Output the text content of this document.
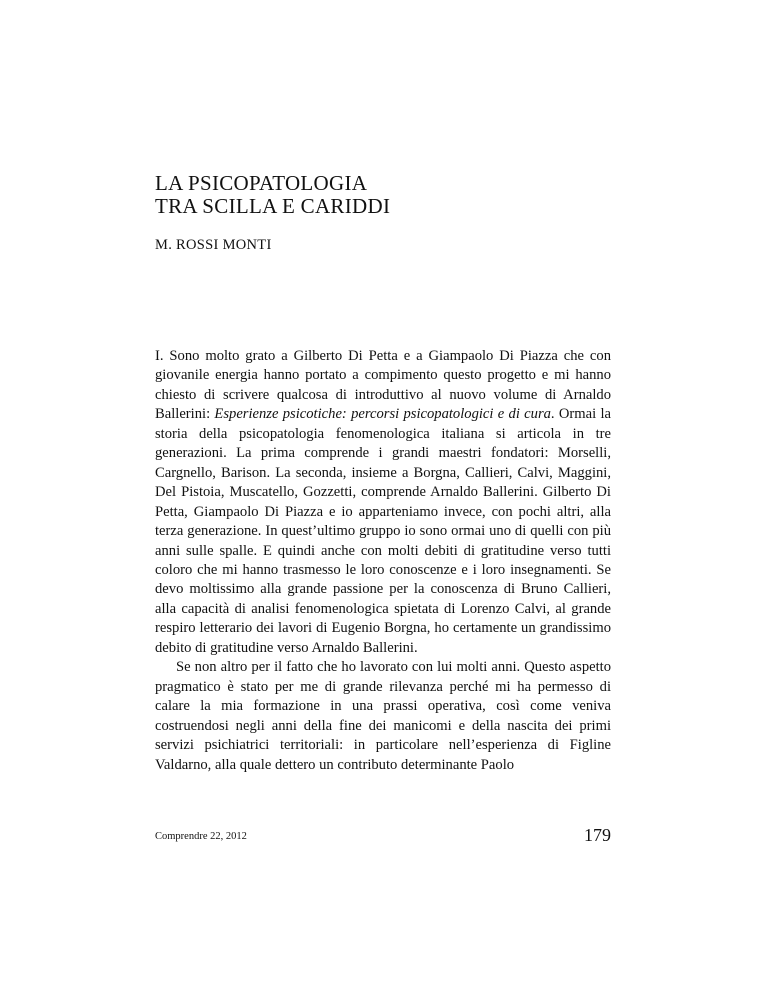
LA PSICOPATOLOGIA
TRA SCILLA E CARIDDI
M. ROSSI MONTI

I. Sono molto grato a Gilberto Di Petta e a Giampaolo Di Piazza che con giovanile energia hanno portato a compimento questo progetto e mi hanno chiesto di scrivere qualcosa di introduttivo al nuovo volume di Arnaldo Ballerini: Esperienze psicotiche: percorsi psicopatologici e di cura. Ormai la storia della psicopatologia fenomenologica italiana si articola in tre generazioni. La prima comprende i grandi maestri fondatori: Morselli, Cargnello, Barison. La seconda, insieme a Borgna, Callieri, Calvi, Maggini, Del Pistoia, Muscatello, Gozzetti, comprende Arnaldo Ballerini. Gilberto Di Petta, Giampaolo Di Piazza e io apparteniamo invece, con pochi altri, alla terza generazione. In quest’ultimo gruppo io sono ormai uno di quelli con più anni sulle spalle. E quindi anche con molti debiti di gratitudine verso tutti coloro che mi hanno trasmesso le loro conoscenze e i loro insegnamenti. Se devo moltissimo alla grande passione per la conoscenza di Bruno Callieri, alla capacità di analisi fenomenologica spietata di Lorenzo Calvi, al grande respiro letterario dei lavori di Eugenio Borgna, ho certamente un grandissimo debito di gratitudine verso Arnaldo Ballerini.

Se non altro per il fatto che ho lavorato con lui molti anni. Questo aspetto pragmatico è stato per me di grande rilevanza perché mi ha permesso di calare la mia formazione in una prassi operativa, così come veniva costruendosi negli anni della fine dei manicomi e della nascita dei primi servizi psichiatrici territoriali: in particolare nell’esperienza di Figline Valdarno, alla quale dettero un contributo determinante Paolo

Comprendre 22, 2012	179
